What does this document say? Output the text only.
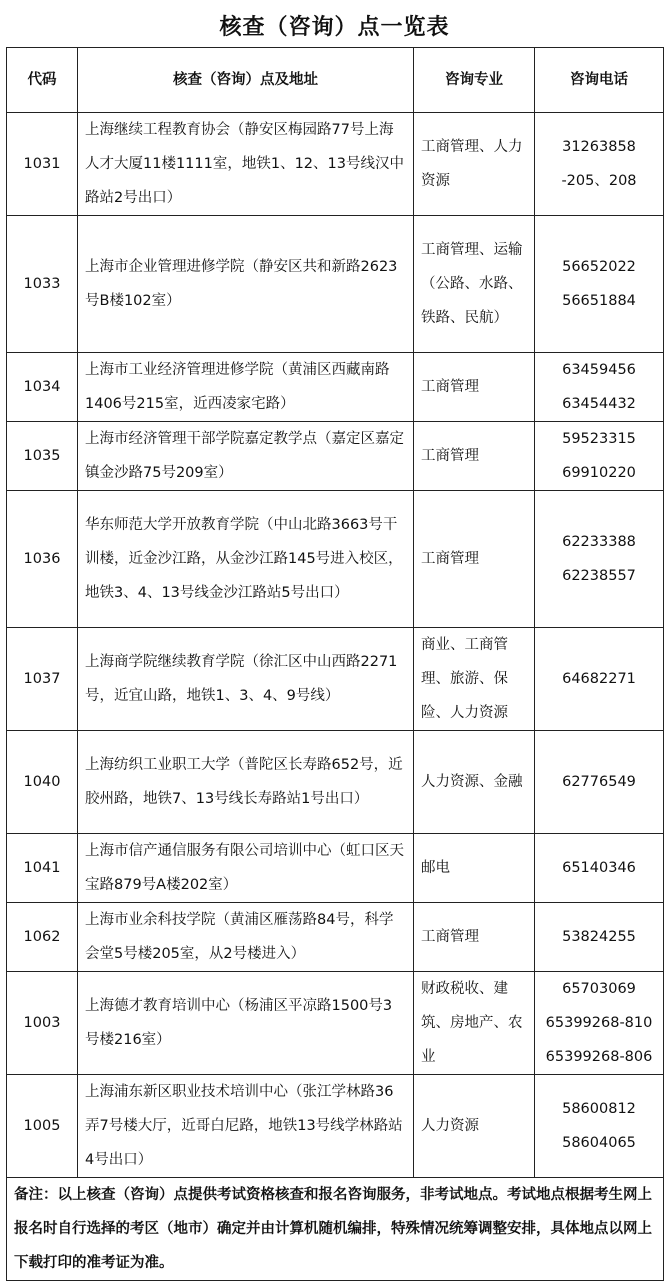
核查（咨询）点一览表
代码	核查（咨询）点及地址	咨询专业	咨询电话
1031	上海继续工程教育协会（静安区梅园路77号上海人才大厦11楼1111室，地铁1、12、13号线汉中路站2号出口）	工商管理、人力资源	31263858
-205、208

1033	上海市企业管理进修学院（静安区共和新路2623号B楼102室）	工商管理、运输（公路、水路、铁路、民航）	56652022
56651884

1034	上海市工业经济管理进修学院（黄浦区西藏南路1406号215室，近西凌家宅路）	工商管理	63459456
63454432

1035	上海市经济管理干部学院嘉定教学点（嘉定区嘉定镇金沙路75号209室）	工商管理	59523315
69910220

1036	华东师范大学开放教育学院（中山北路3663号干训楼，近金沙江路，从金沙江路145号进入校区，地铁3、4、13号线金沙江路站5号出口）	工商管理	62233388
62238557

1037	上海商学院继续教育学院（徐汇区中山西路2271号，近宜山路，地铁1、3、4、9号线）	商业、工商管理、旅游、保险、人力资源	64682271

1040	上海纺织工业职工大学（普陀区长寿路652号，近胶州路，地铁7、13号线长寿路站1号出口）	人力资源、金融	62776549

1041	上海市信产通信服务有限公司培训中心（虹口区天宝路879号A楼202室）	邮电	65140346

1062	上海市业余科技学院（黄浦区雁荡路84号，科学会堂5号楼205室，从2号楼进入）	工商管理	53824255

1003	上海德才教育培训中心（杨浦区平凉路1500号3号楼216室）	财政税收、建筑、房地产、农业	65703069
65399268-810
65399268-806

1005	上海浦东新区职业技术培训中心（张江学林路36弄7号楼大厅，近哥白尼路，地铁13号线学林路站4号出口）	人力资源	58600812
58604065

备注：以上核查（咨询）点提供考试资格核查和报名咨询服务，非考试地点。考试地点根据考生网上报名时自行选择的考区（地市）确定并由计算机随机编排，特殊情况统筹调整安排，具体地点以网上下载打印的准考证为准。			
